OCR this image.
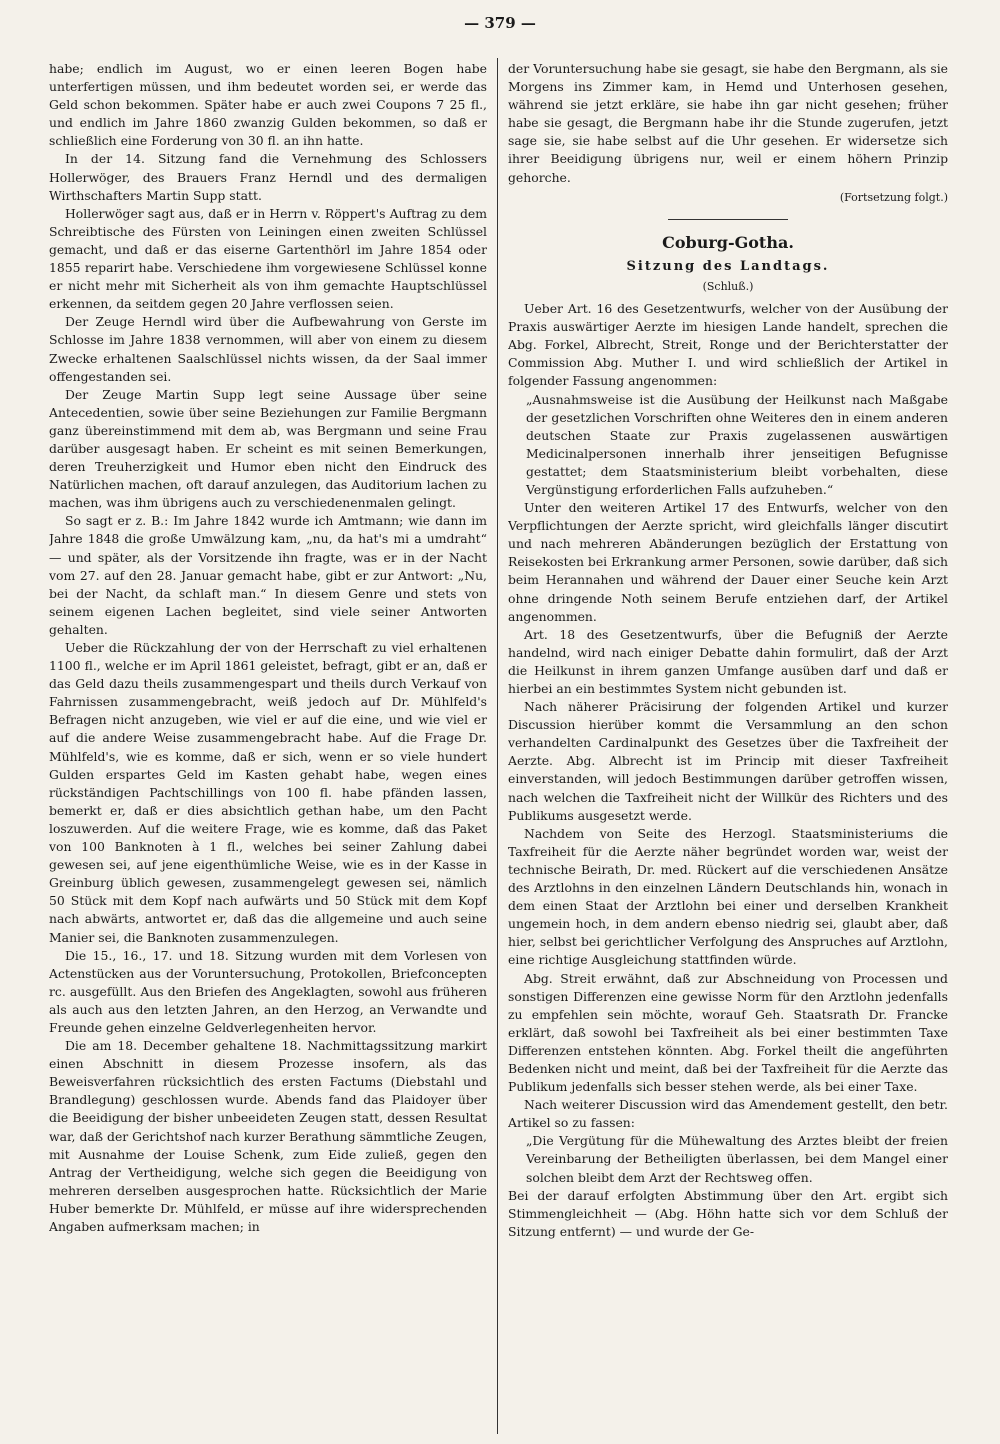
— 379 —

habe; endlich im August, wo er einen leeren Bogen habe unterfertigen müssen, und ihm bedeutet worden sei, er werde das Geld schon bekommen. Später habe er auch zwei Coupons 7 25 fl., und endlich im Jahre 1860 zwanzig Gulden bekommen, so daß er schließlich eine Forderung von 30 fl. an ihn hatte.

In der 14. Sitzung fand die Vernehmung des Schlossers Hollerwöger, des Brauers Franz Herndl und des dermaligen Wirthschafters Martin Supp statt.

Hollerwöger sagt aus, daß er in Herrn v. Röppert's Auftrag zu dem Schreibtische des Fürsten von Leiningen einen zweiten Schlüssel gemacht, und daß er das eiserne Gartenthörl im Jahre 1854 oder 1855 reparirt habe. Verschiedene ihm vorgewiesene Schlüssel konne er nicht mehr mit Sicherheit als von ihm gemachte Hauptschlüssel erkennen, da seitdem gegen 20 Jahre verflossen seien.

Der Zeuge Herndl wird über die Aufbewahrung von Gerste im Schlosse im Jahre 1838 vernommen, will aber von einem zu diesem Zwecke erhaltenen Saalschlüssel nichts wissen, da der Saal immer offengestanden sei.

Der Zeuge Martin Supp legt seine Aussage über seine Antecedentien, sowie über seine Beziehungen zur Familie Bergmann ganz übereinstimmend mit dem ab, was Bergmann und seine Frau darüber ausgesagt haben. Er scheint es mit seinen Bemerkungen, deren Treuherzigkeit und Humor eben nicht den Eindruck des Natürlichen machen, oft darauf anzulegen, das Auditorium lachen zu machen, was ihm übrigens auch zu verschiedenenmalen gelingt.

So sagt er z. B.: Im Jahre 1842 wurde ich Amtmann; wie dann im Jahre 1848 die große Umwälzung kam, „nu, da hat's mi a umdraht“ — und später, als der Vorsitzende ihn fragte, was er in der Nacht vom 27. auf den 28. Januar gemacht habe, gibt er zur Antwort: „Nu, bei der Nacht, da schlaft man.“ In diesem Genre und stets von seinem eigenen Lachen begleitet, sind viele seiner Antworten gehalten.

Ueber die Rückzahlung der von der Herrschaft zu viel erhaltenen 1100 fl., welche er im April 1861 geleistet, befragt, gibt er an, daß er das Geld dazu theils zusammengespart und theils durch Verkauf von Fahrnissen zusammengebracht, weiß jedoch auf Dr. Mühlfeld's Befragen nicht anzugeben, wie viel er auf die eine, und wie viel er auf die andere Weise zusammengebracht habe. Auf die Frage Dr. Mühlfeld's, wie es komme, daß er sich, wenn er so viele hundert Gulden erspartes Geld im Kasten gehabt habe, wegen eines rückständigen Pachtschillings von 100 fl. habe pfänden lassen, bemerkt er, daß er dies absichtlich gethan habe, um den Pacht loszuwerden. Auf die weitere Frage, wie es komme, daß das Paket von 100 Banknoten à 1 fl., welches bei seiner Zahlung dabei gewesen sei, auf jene eigenthümliche Weise, wie es in der Kasse in Greinburg üblich gewesen, zusammengelegt gewesen sei, nämlich 50 Stück mit dem Kopf nach aufwärts und 50 Stück mit dem Kopf nach abwärts, antwortet er, daß das die allgemeine und auch seine Manier sei, die Banknoten zusammenzulegen.

Die 15., 16., 17. und 18. Sitzung wurden mit dem Vorlesen von Actenstücken aus der Voruntersuchung, Protokollen, Briefconcepten rc. ausgefüllt. Aus den Briefen des Angeklagten, sowohl aus früheren als auch aus den letzten Jahren, an den Herzog, an Verwandte und Freunde gehen einzelne Geldverlegenheiten hervor.

Die am 18. December gehaltene 18. Nachmittagssitzung markirt einen Abschnitt in diesem Prozesse insofern, als das Beweisverfahren rücksichtlich des ersten Factums (Diebstahl und Brandlegung) geschlossen wurde. Abends fand das Plaidoyer über die Beeidigung der bisher unbeeideten Zeugen statt, dessen Resultat war, daß der Gerichtshof nach kurzer Berathung sämmtliche Zeugen, mit Ausnahme der Louise Schenk, zum Eide zuließ, gegen den Antrag der Vertheidigung, welche sich gegen die Beeidigung von mehreren derselben ausgesprochen hatte. Rücksichtlich der Marie Huber bemerkte Dr. Mühlfeld, er müsse auf ihre widersprechenden Angaben aufmerksam machen; in

der Voruntersuchung habe sie gesagt, sie habe den Bergmann, als sie Morgens ins Zimmer kam, in Hemd und Unterhosen gesehen, während sie jetzt erkläre, sie habe ihn gar nicht gesehen; früher habe sie gesagt, die Bergmann habe ihr die Stunde zugerufen, jetzt sage sie, sie habe selbst auf die Uhr gesehen. Er widersetze sich ihrer Beeidigung übrigens nur, weil er einem höhern Prinzip gehorche.

(Fortsetzung folgt.)

Coburg-Gotha.

Sitzung des Landtags.

(Schluß.)

Ueber Art. 16 des Gesetzentwurfs, welcher von der Ausübung der Praxis auswärtiger Aerzte im hiesigen Lande handelt, sprechen die Abg. Forkel, Albrecht, Streit, Ronge und der Berichterstatter der Commission Abg. Muther I. und wird schließlich der Artikel in folgender Fassung angenommen:

„Ausnahmsweise ist die Ausübung der Heilkunst nach Maßgabe der gesetzlichen Vorschriften ohne Weiteres den in einem anderen deutschen Staate zur Praxis zugelassenen auswärtigen Medicinalpersonen innerhalb ihrer jenseitigen Befugnisse gestattet; dem Staatsministerium bleibt vorbehalten, diese Vergünstigung erforderlichen Falls aufzuheben.“

Unter den weiteren Artikel 17 des Entwurfs, welcher von den Verpflichtungen der Aerzte spricht, wird gleichfalls länger discutirt und nach mehreren Abänderungen bezüglich der Erstattung von Reisekosten bei Erkrankung armer Personen, sowie darüber, daß sich beim Herannahen und während der Dauer einer Seuche kein Arzt ohne dringende Noth seinem Berufe entziehen darf, der Artikel angenommen.

Art. 18 des Gesetzentwurfs, über die Befugniß der Aerzte handelnd, wird nach einiger Debatte dahin formulirt, daß der Arzt die Heilkunst in ihrem ganzen Umfange ausüben darf und daß er hierbei an ein bestimmtes System nicht gebunden ist.

Nach näherer Präcisirung der folgenden Artikel und kurzer Discussion hierüber kommt die Versammlung an den schon verhandelten Cardinalpunkt des Gesetzes über die Taxfreiheit der Aerzte. Abg. Albrecht ist im Princip mit dieser Taxfreiheit einverstanden, will jedoch Bestimmungen darüber getroffen wissen, nach welchen die Taxfreiheit nicht der Willkür des Richters und des Publikums ausgesetzt werde.

Nachdem von Seite des Herzogl. Staatsministeriums die Taxfreiheit für die Aerzte näher begründet worden war, weist der technische Beirath, Dr. med. Rückert auf die verschiedenen Ansätze des Arztlohns in den einzelnen Ländern Deutschlands hin, wonach in dem einen Staat der Arztlohn bei einer und derselben Krankheit ungemein hoch, in dem andern ebenso niedrig sei, glaubt aber, daß hier, selbst bei gerichtlicher Verfolgung des Anspruches auf Arztlohn, eine richtige Ausgleichung stattfinden würde.

Abg. Streit erwähnt, daß zur Abschneidung von Processen und sonstigen Differenzen eine gewisse Norm für den Arztlohn jedenfalls zu empfehlen sein möchte, worauf Geh. Staatsrath Dr. Francke erklärt, daß sowohl bei Taxfreiheit als bei einer bestimmten Taxe Differenzen entstehen könnten. Abg. Forkel theilt die angeführten Bedenken nicht und meint, daß bei der Taxfreiheit für die Aerzte das Publikum jedenfalls sich besser stehen werde, als bei einer Taxe.

Nach weiterer Discussion wird das Amendement gestellt, den betr. Artikel so zu fassen:

„Die Vergütung für die Mühewaltung des Arztes bleibt der freien Vereinbarung der Betheiligten überlassen, bei dem Mangel einer solchen bleibt dem Arzt der Rechtsweg offen.

Bei der darauf erfolgten Abstimmung über den Art. ergibt sich Stimmengleichheit — (Abg. Höhn hatte sich vor dem Schluß der Sitzung entfernt) — und wurde der Ge-
